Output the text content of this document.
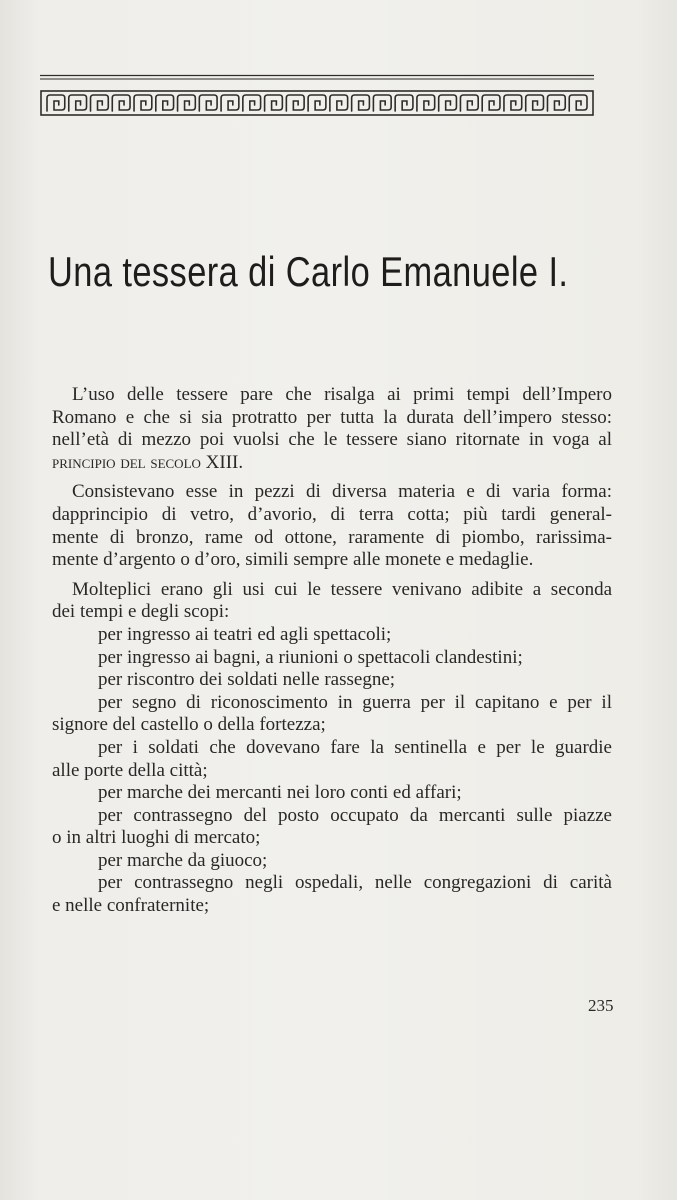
Una tessera di Carlo Emanuele I.
L’uso delle tessere pare che risalga ai primi tempi dell’Impero
Romano e che si sia protratto per tutta la durata dell’impero stesso:
nell’età di mezzo poi vuolsi che le tessere siano ritornate in voga al
principio del secolo XIII.
Consistevano esse in pezzi di diversa materia e di varia forma:
dapprincipio di vetro, d’avorio, di terra cotta; più tardi general-
mente di bronzo, rame od ottone, raramente di piombo, rarissima-
mente d’argento o d’oro, simili sempre alle monete e medaglie.
Molteplici erano gli usi cui le tessere venivano adibite a seconda
dei tempi e degli scopi:
per ingresso ai teatri ed agli spettacoli;
per ingresso ai bagni, a riunioni o spettacoli clandestini;
per riscontro dei soldati nelle rassegne;
per segno di riconoscimento in guerra per il capitano e per il
signore del castello o della fortezza;
per i soldati che dovevano fare la sentinella e per le guardie
alle porte della città;
per marche dei mercanti nei loro conti ed affari;
per contrassegno del posto occupato da mercanti sulle piazze
o in altri luoghi di mercato;
per marche da giuoco;
per contrassegno negli ospedali, nelle congregazioni di carità
e nelle confraternite;
235
